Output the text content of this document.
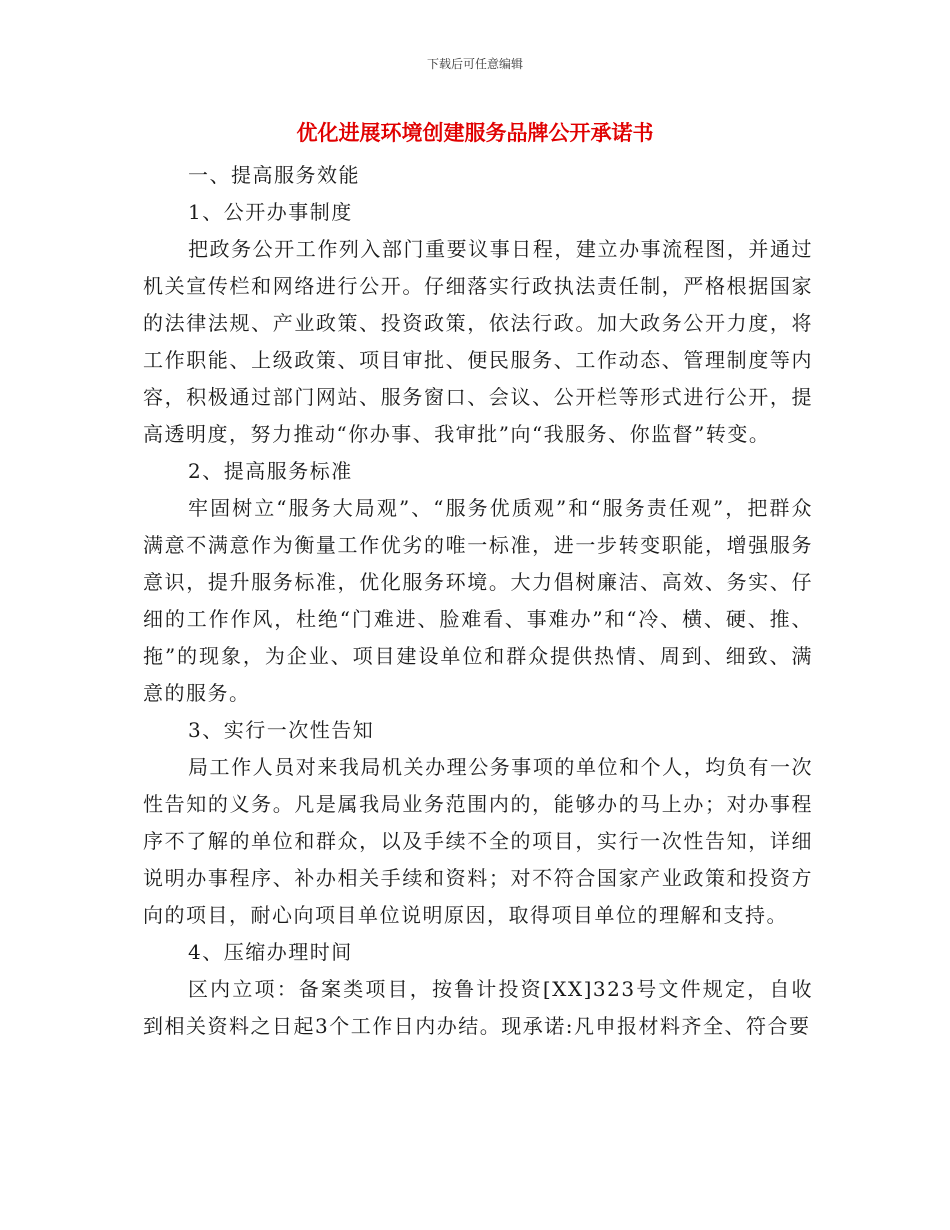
下载后可任意编辑
优化进展环境创建服务品牌公开承诺书
一、提高服务效能
1、公开办事制度

把政务公开工作列入部门重要议事日程，建立办事流程图，并通过机关宣传栏和网络进行公开。仔细落实行政执法责任制，严格根据国家的法律法规、产业政策、投资政策，依法行政。加大政务公开力度，将工作职能、上级政策、项目审批、便民服务、工作动态、管理制度等内容，积极通过部门网站、服务窗口、会议、公开栏等形式进行公开，提高透明度，努力推动“你办事、我审批”向“我服务、你监督”转变。

2、提高服务标准

牢固树立“服务大局观”、“服务优质观”和“服务责任观”，把群众满意不满意作为衡量工作优劣的唯一标准，进一步转变职能，增强服务意识，提升服务标准，优化服务环境。大力倡树廉洁、高效、务实、仔细的工作作风，杜绝“门难进、脸难看、事难办”和“冷、横、硬、推、拖”的现象，为企业、项目建设单位和群众提供热情、周到、细致、满意的服务。

3、实行一次性告知

局工作人员对来我局机关办理公务事项的单位和个人，均负有一次性告知的义务。凡是属我局业务范围内的，能够办的马上办；对办事程序不了解的单位和群众，以及手续不全的项目，实行一次性告知，详细说明办事程序、补办相关手续和资料；对不符合国家产业政策和投资方向的项目，耐心向项目单位说明原因，取得项目单位的理解和支持。

4、压缩办理时间

区内立项：备案类项目，按鲁计投资[XX]323号文件规定，自收到相关资料之日起3个工作日内办结。现承诺:凡申报材料齐全、符合要
